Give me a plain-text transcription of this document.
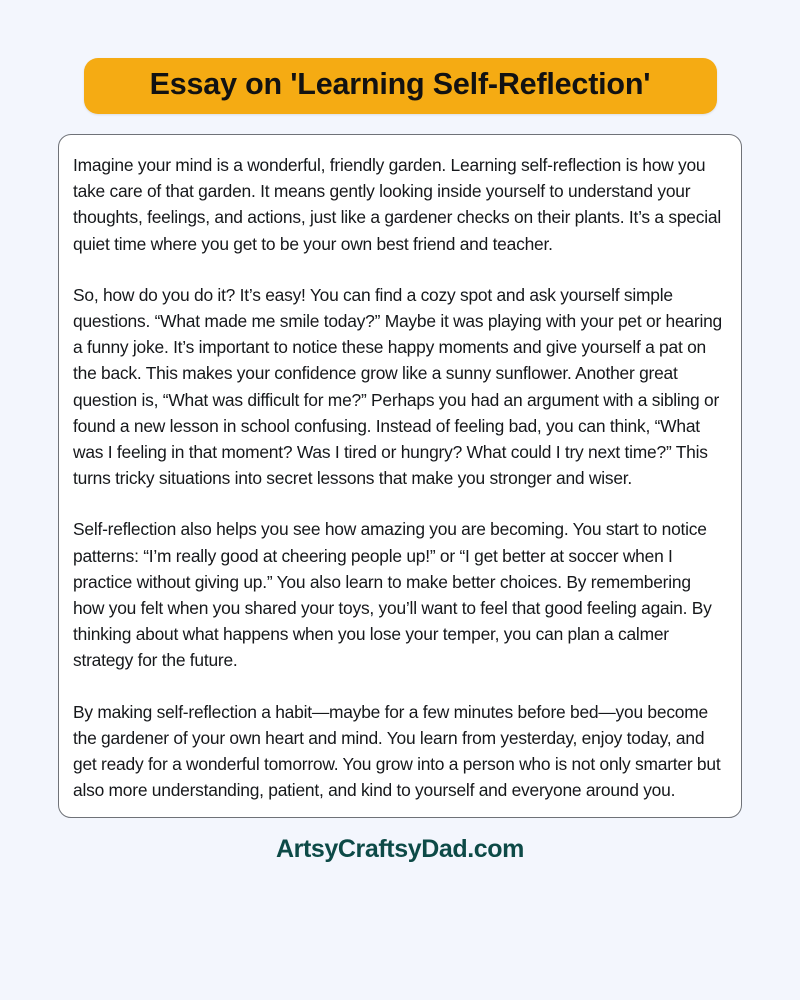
Essay on 'Learning Self-Reflection'

Imagine your mind is a wonderful, friendly garden. Learning self-reflection is how you take care of that garden. It means gently looking inside yourself to understand your thoughts, feelings, and actions, just like a gardener checks on their plants. It’s a special quiet time where you get to be your own best friend and teacher.

So, how do you do it? It’s easy! You can find a cozy spot and ask yourself simple questions. “What made me smile today?” Maybe it was playing with your pet or hearing a funny joke. It’s important to notice these happy moments and give yourself a pat on the back. This makes your confidence grow like a sunny sunflower. Another great question is, “What was difficult for me?” Perhaps you had an argument with a sibling or found a new lesson in school confusing. Instead of feeling bad, you can think, “What was I feeling in that moment? Was I tired or hungry? What could I try next time?” This turns tricky situations into secret lessons that make you stronger and wiser.

Self-reflection also helps you see how amazing you are becoming. You start to notice patterns: “I’m really good at cheering people up!” or “I get better at soccer when I practice without giving up.” You also learn to make better choices. By remembering how you felt when you shared your toys, you’ll want to feel that good feeling again. By thinking about what happens when you lose your temper, you can plan a calmer strategy for the future.

By making self-reflection a habit—maybe for a few minutes before bed—you become the gardener of your own heart and mind. You learn from yesterday, enjoy today, and get ready for a wonderful tomorrow. You grow into a person who is not only smarter but also more understanding, patient, and kind to yourself and everyone around you.

ArtsyCraftsyDad.com
